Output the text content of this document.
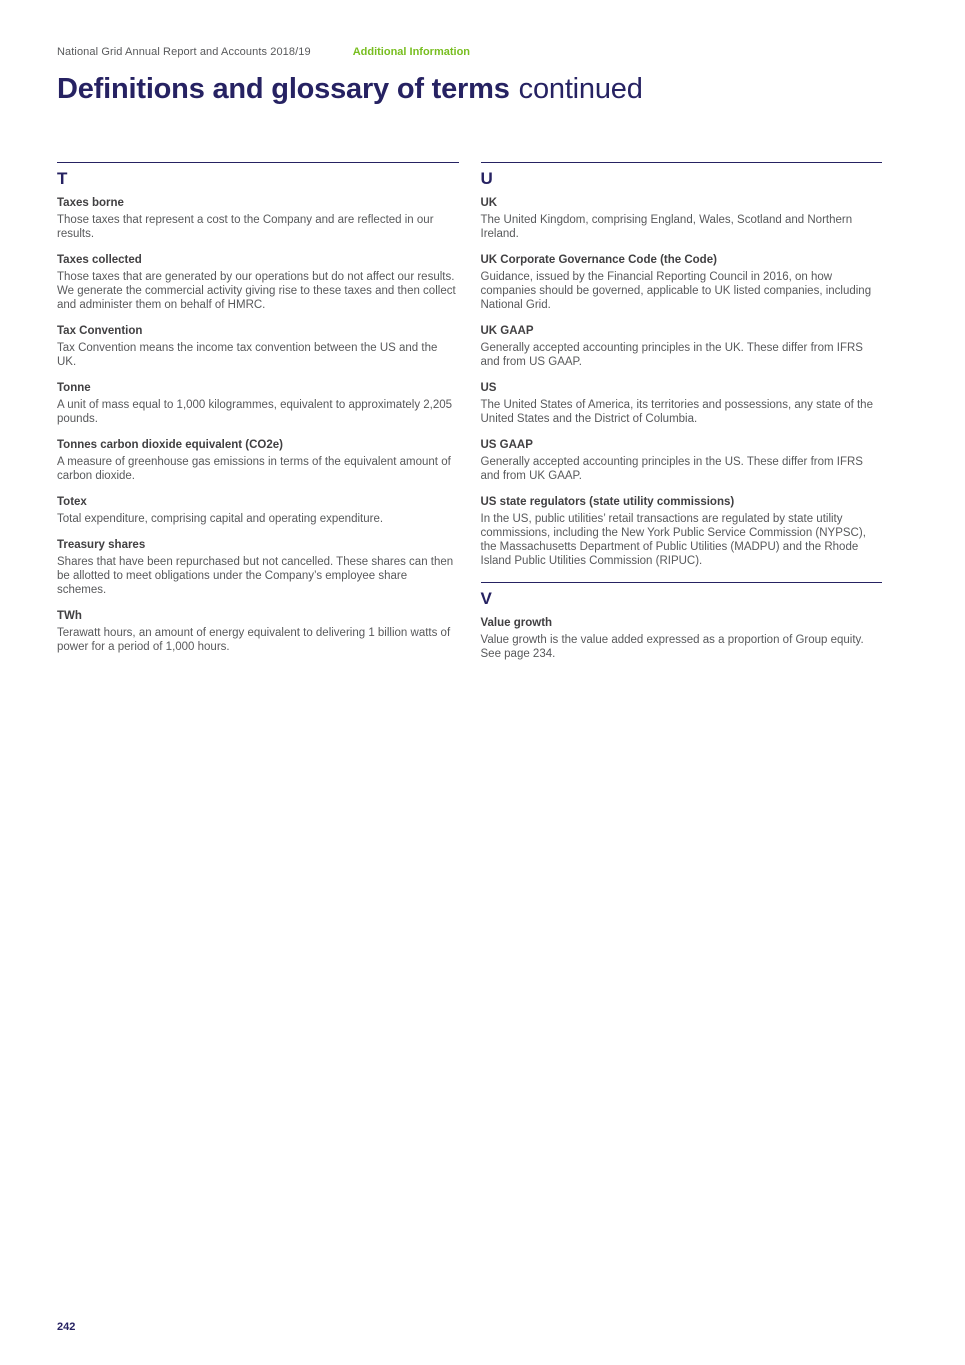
National Grid Annual Report and Accounts 2018/19	Additional Information
Definitions and glossary of terms continued
T
Taxes borne

Those taxes that represent a cost to the Company and are reflected in our results.

Taxes collected

Those taxes that are generated by our operations but do not affect our results. We generate the commercial activity giving rise to these taxes and then collect and administer them on behalf of HMRC.

Tax Convention

Tax Convention means the income tax convention between the US and the UK.

Tonne

A unit of mass equal to 1,000 kilogrammes, equivalent to approximately 2,205 pounds.

Tonnes carbon dioxide equivalent (CO2e)

A measure of greenhouse gas emissions in terms of the equivalent amount of carbon dioxide.

Totex

Total expenditure, comprising capital and operating expenditure.

Treasury shares

Shares that have been repurchased but not cancelled. These shares can then be allotted to meet obligations under the Company’s employee share schemes.

TWh

Terawatt hours, an amount of energy equivalent to delivering 1 billion watts of power for a period of 1,000 hours.

U
UK

The United Kingdom, comprising England, Wales, Scotland and Northern Ireland.

UK Corporate Governance Code (the Code)

Guidance, issued by the Financial Reporting Council in 2016, on how companies should be governed, applicable to UK listed companies, including National Grid.

UK GAAP

Generally accepted accounting principles in the UK. These differ from IFRS and from US GAAP.

US

The United States of America, its territories and possessions, any state of the United States and the District of Columbia.

US GAAP

Generally accepted accounting principles in the US. These differ from IFRS and from UK GAAP.

US state regulators (state utility commissions)

In the US, public utilities’ retail transactions are regulated by state utility commissions, including the New York Public Service Commission (NYPSC), the Massachusetts Department of Public Utilities (MADPU) and the Rhode Island Public Utilities Commission (RIPUC).

V
Value growth

Value growth is the value added expressed as a proportion of Group equity. See page 234.

242
